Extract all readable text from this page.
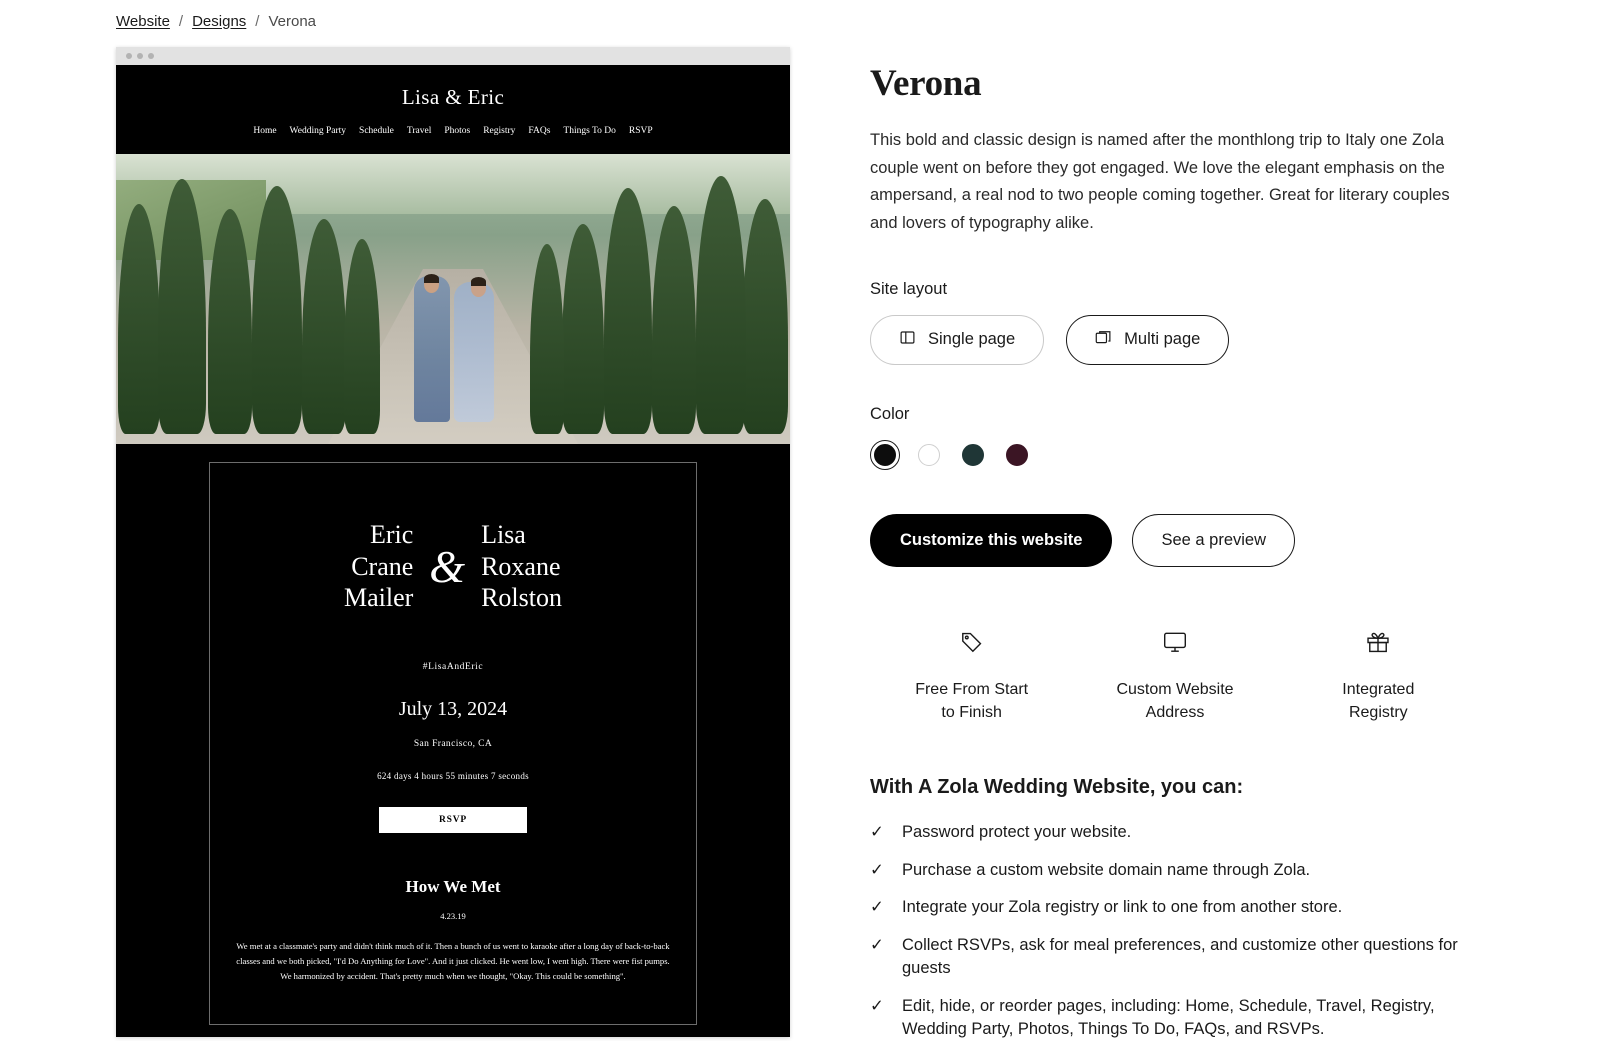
Website / Designs / Verona
Lisa & Eric
Home Wedding Party Schedule Travel Photos Registry FAQs Things To Do RSVP
Eric
Crane
Mailer
&
Lisa
Roxane
Rolston
#LisaAndEric
July 13, 2024
San Francisco, CA
624 days 4 hours 55 minutes 7 seconds
RSVP
How We Met
4.23.19
We met at a classmate's party and didn't think much of it. Then a bunch of us went to karaoke after a long day of back-to-back classes and we both picked, "I'd Do Anything for Love". And it just clicked. He went low, I went high. There were fist pumps. We harmonized by accident. That's pretty much when we thought, "Okay. This could be something".
Verona

This bold and classic design is named after the monthlong trip to Italy one Zola couple went on before they got engaged. We love the elegant emphasis on the ampersand, a real nod to two people coming together. Great for literary couples and lovers of typography alike.

Site layout
Single page	Multi page
Color
Customize this website	See a preview
Free From Start
to Finish
Custom Website
Address
Integrated
Registry
With A Zola Wedding Website, you can:
✓ Password protect your website.
✓ Purchase a custom website domain name through Zola.
✓ Integrate your Zola registry or link to one from another store.
✓ Collect RSVPs, ask for meal preferences, and customize other questions for guests
✓ Edit, hide, or reorder pages, including: Home, Schedule, Travel, Registry, Wedding Party, Photos, Things To Do, FAQs, and RSVPs.
